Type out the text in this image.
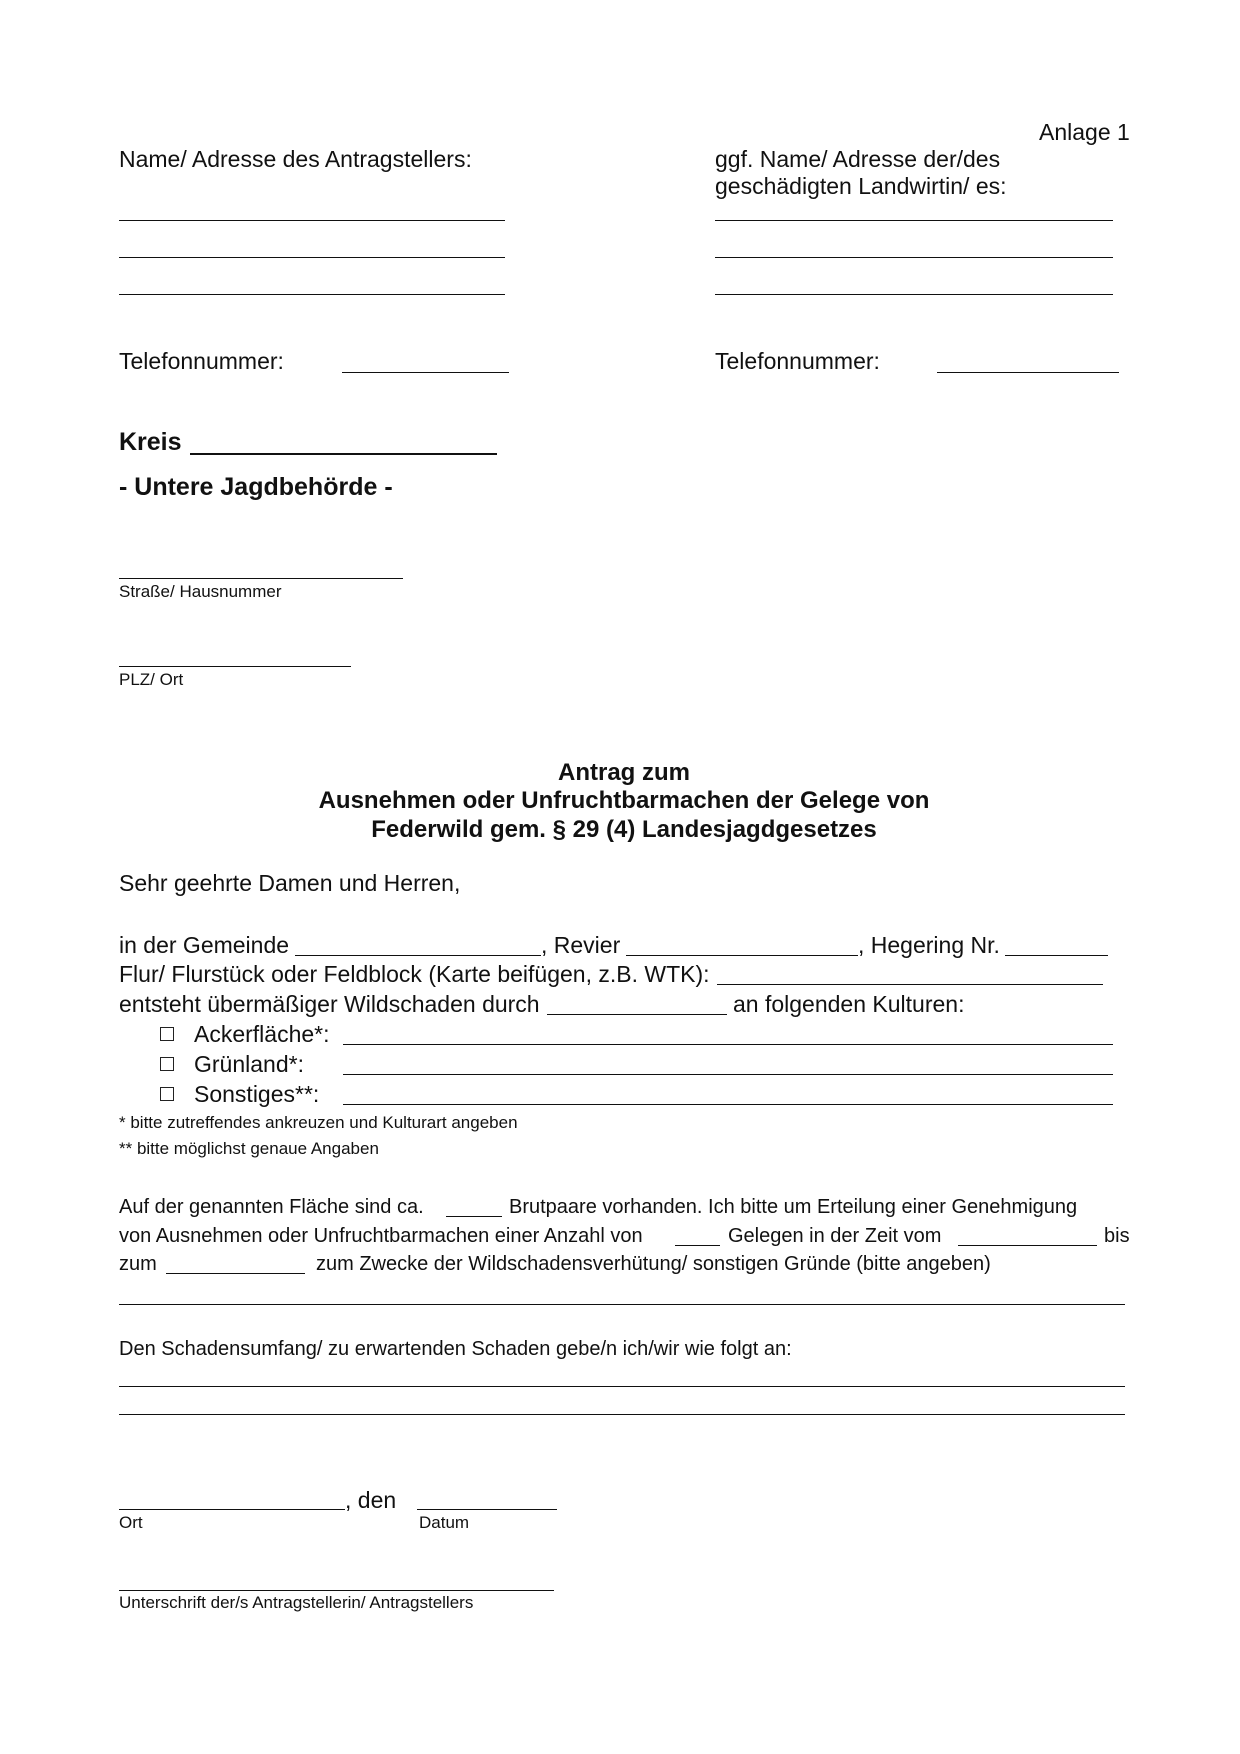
Anlage 1
Name/ Adresse des Antragstellers:	ggf. Name/ Adresse der/des
geschädigten Landwirtin/ es:
Telefonnummer:	Telefonnummer:
Kreis
- Untere Jagdbehörde -
Straße/ Hausnummer
PLZ/ Ort
Antrag zum
Ausnehmen oder Unfruchtbarmachen der Gelege von
Federwild gem. § 29 (4) Landesjagdgesetzes
Sehr geehrte Damen und Herren,
in der Gemeinde	, Revier	, Hegering Nr.
Flur/ Flurstück oder Feldblock (Karte beifügen, z.B. WTK):
entsteht übermäßiger Wildschaden durch	an folgenden Kulturen:
Ackerfläche*:
Grünland*:
Sonstiges**:
* bitte zutreffendes ankreuzen und Kulturart angeben
** bitte möglichst genaue Angaben
Auf der genannten Fläche sind ca.	Brutpaare vorhanden. Ich bitte um Erteilung einer Genehmigung
von Ausnehmen oder Unfruchtbarmachen einer Anzahl von	Gelegen in der Zeit vom	bis
zum	zum Zwecke der Wildschadensverhütung/ sonstigen Gründe (bitte angeben)
Den Schadensumfang/ zu erwartenden Schaden gebe/n ich/wir wie folgt an:
, den
Ort	Datum
Unterschrift der/s Antragstellerin/ Antragstellers
